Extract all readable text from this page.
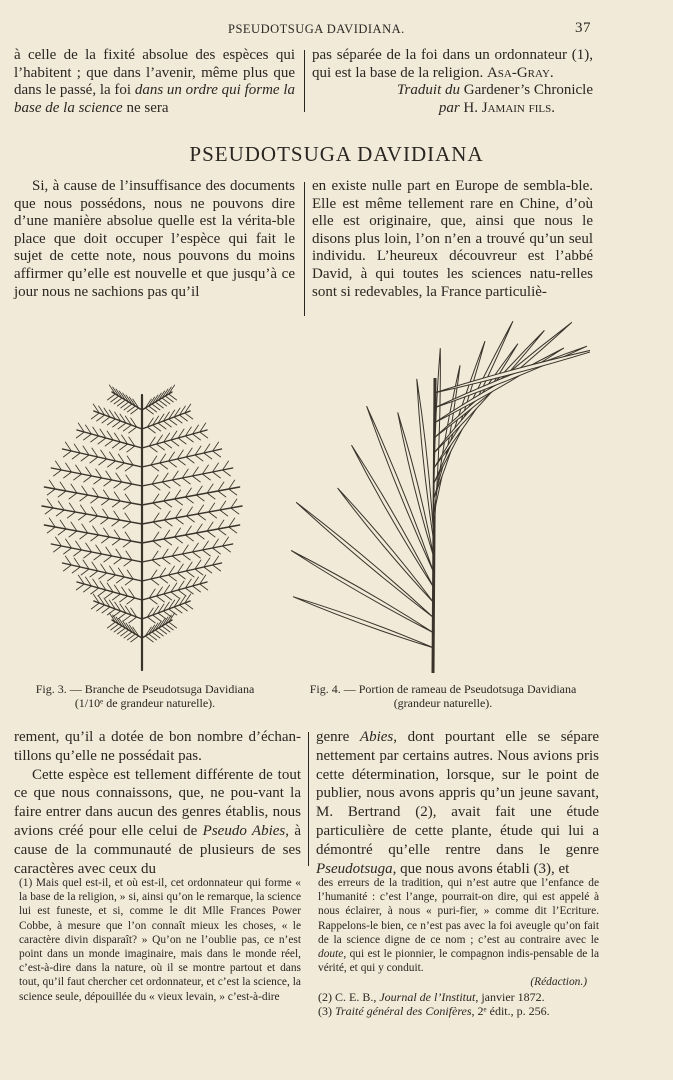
PSEUDOTSUGA DAVIDIANA.	37

à celle de la fixité absolue des espèces qui l’habitent ; que dans l’avenir, même plus que dans le passé, la foi dans un ordre qui forme la base de la science ne sera

pas séparée de la foi dans un ordonnateur (1), qui est la base de la religion. Asa-Gray.

Traduit du Gardener’s Chronicle

par H. Jamain fils.

PSEUDOTSUGA DAVIDIANA

Si, à cause de l’insuffisance des documents que nous possédons, nous ne pouvons dire d’une manière absolue quelle est la vérita-ble place que doit occuper l’espèce qui fait le sujet de cette note, nous pouvons du moins affirmer qu’elle est nouvelle et que jusqu’à ce jour nous ne sachions pas qu’il

en existe nulle part en Europe de sembla-ble. Elle est même tellement rare en Chine, d’où elle est originaire, que, ainsi que nous le disons plus loin, l’on n’en a trouvé qu’un seul individu. L’heureux découvreur est l’abbé David, à qui toutes les sciences natu-relles sont si redevables, la France particuliè-

Fig. 3. — Branche de Pseudotsuga Davidiana
(1/10ᵉ de grandeur naturelle).
Fig. 4. — Portion de rameau de Pseudotsuga Davidiana
(grandeur naturelle).

rement, qu’il a dotée de bon nombre d’échan-tillons qu’elle ne possédait pas.

Cette espèce est tellement différente de tout ce que nous connaissons, que, ne pou-vant la faire entrer dans aucun des genres établis, nous avions créé pour elle celui de Pseudo Abies, à cause de la communauté de plusieurs de ses caractères avec ceux du

genre Abies, dont pourtant elle se sépare nettement par certains autres. Nous avions pris cette détermination, lorsque, sur le point de publier, nous avons appris qu’un jeune savant, M. Bertrand (2), avait fait une étude particulière de cette plante, étude qui lui a démontré qu’elle rentre dans le genre Pseudotsuga, que nous avons établi (3), et

(1) Mais quel est-il, et où est-il, cet ordonnateur qui forme « la base de la religion, » si, ainsi qu’on le remarque, la science lui est funeste, et si, comme le dit Mlle Frances Power Cobbe, à mesure que l’on connaît mieux les choses, « le caractère divin disparaît? » Qu’on ne l’oublie pas, ce n’est point dans un monde imaginaire, mais dans le monde réel, c’est-à-dire dans la nature, où il se montre partout et dans tout, qu’il faut chercher cet ordonnateur, et c’est la science, la science seule, dépouillée du « vieux levain, » c’est-à-dire

des erreurs de la tradition, qui n’est autre que l’enfance de l’humanité : c’est l’ange, pourrait-on dire, qui est appelé à nous éclairer, à nous « puri-fier, » comme dit l’Ecriture. Rappelons-le bien, ce n’est pas avec la foi aveugle qu’on fait de la science digne de ce nom ; c’est au contraire avec le doute, qui est le pionnier, le compagnon indis-pensable de la vérité, et qui y conduit.

(Rédaction.)

(2) C. E. B., Journal de l’Institut, janvier 1872.

(3) Traité général des Conifères, 2ᵉ édit., p. 256.
